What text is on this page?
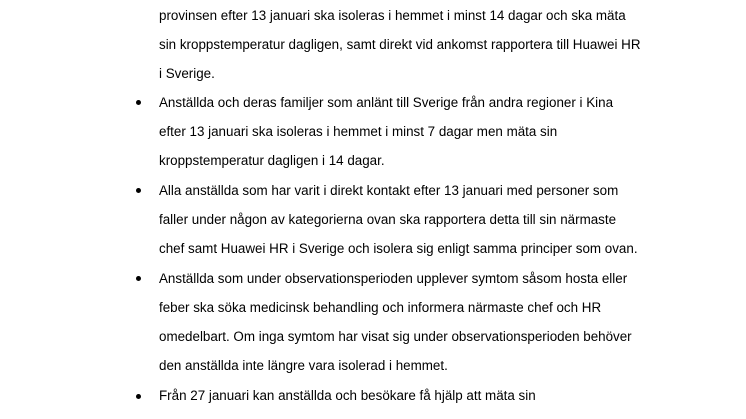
provinsen efter 13 januari ska isoleras i hemmet i minst 14 dagar och ska mäta
sin kroppstemperatur dagligen, samt direkt vid ankomst rapportera till Huawei HR
i Sverige.
Anställda och deras familjer som anlänt till Sverige från andra regioner i Kina
efter 13 januari ska isoleras i hemmet i minst 7 dagar men mäta sin
kroppstemperatur dagligen i 14 dagar.
Alla anställda som har varit i direkt kontakt efter 13 januari med personer som
faller under någon av kategorierna ovan ska rapportera detta till sin närmaste
chef samt Huawei HR i Sverige och isolera sig enligt samma principer som ovan.
Anställda som under observationsperioden upplever symtom såsom hosta eller
feber ska söka medicinsk behandling och informera närmaste chef och HR
omedelbart. Om inga symtom har visat sig under observationsperioden behöver
den anställda inte längre vara isolerad i hemmet.
Från 27 januari kan anställda och besökare få hjälp att mäta sin
